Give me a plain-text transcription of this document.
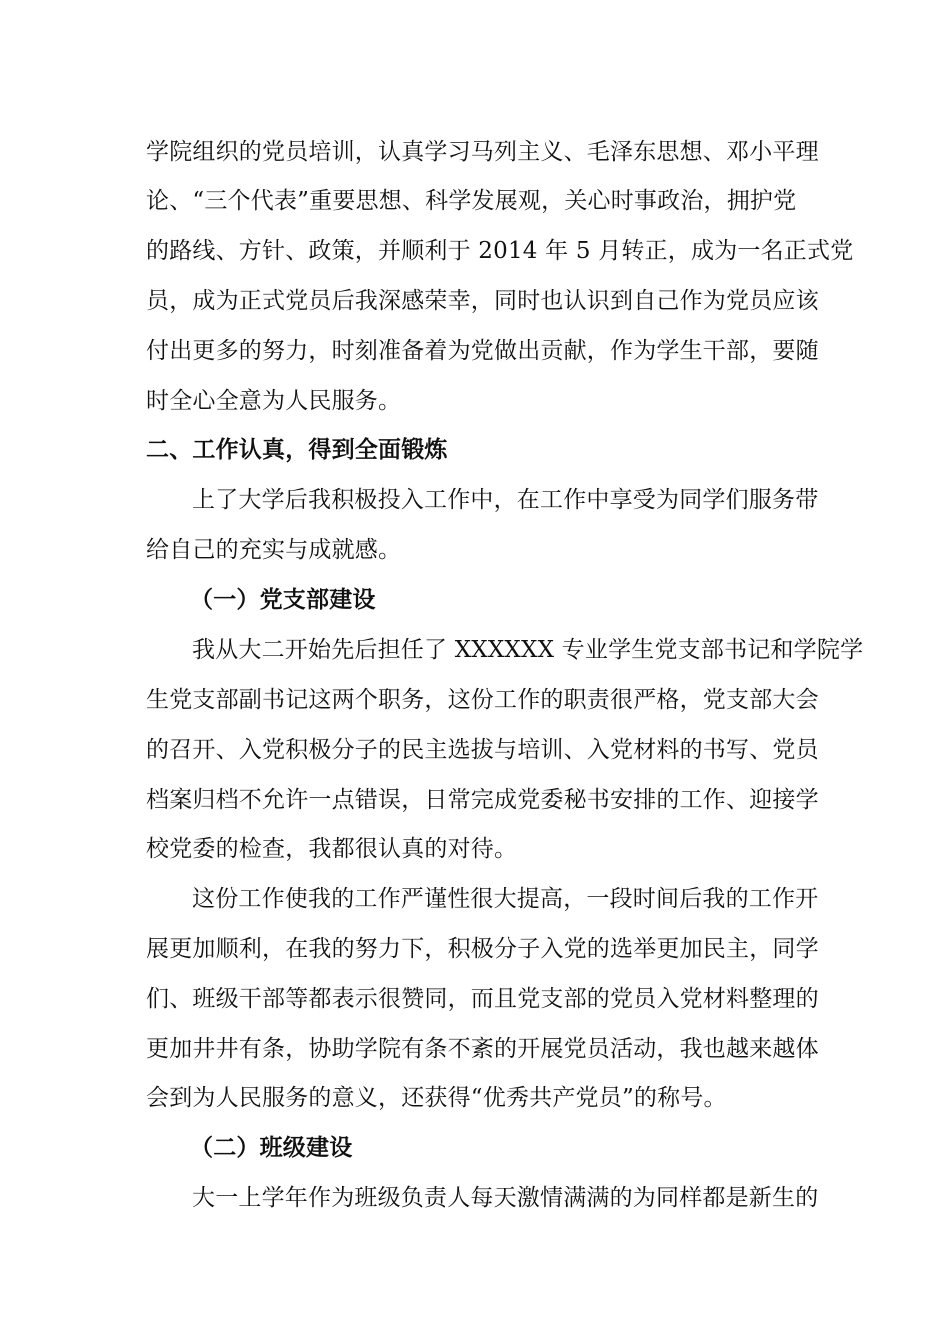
学院组织的党员培训，认真学习马列主义、毛泽东思想、邓小平理
论、“三个代表”重要思想、科学发展观，关心时事政治，拥护党
的路线、方针、政策，并顺利于 2014 年 5 月转正，成为一名正式党
员，成为正式党员后我深感荣幸，同时也认识到自己作为党员应该
付出更多的努力，时刻准备着为党做出贡献，作为学生干部，要随
时全心全意为人民服务。
二、工作认真，得到全面锻炼
上了大学后我积极投入工作中，在工作中享受为同学们服务带
给自己的充实与成就感。
（一）党支部建设
我从大二开始先后担任了 XXXXXX 专业学生党支部书记和学院学
生党支部副书记这两个职务，这份工作的职责很严格，党支部大会
的召开、入党积极分子的民主选拔与培训、入党材料的书写、党员
档案归档不允许一点错误，日常完成党委秘书安排的工作、迎接学
校党委的检查，我都很认真的对待。
这份工作使我的工作严谨性很大提高，一段时间后我的工作开
展更加顺利，在我的努力下，积极分子入党的选举更加民主，同学
们、班级干部等都表示很赞同，而且党支部的党员入党材料整理的
更加井井有条，协助学院有条不紊的开展党员活动，我也越来越体
会到为人民服务的意义，还获得“优秀共产党员”的称号。
（二）班级建设
大一上学年作为班级负责人每天激情满满的为同样都是新生的
